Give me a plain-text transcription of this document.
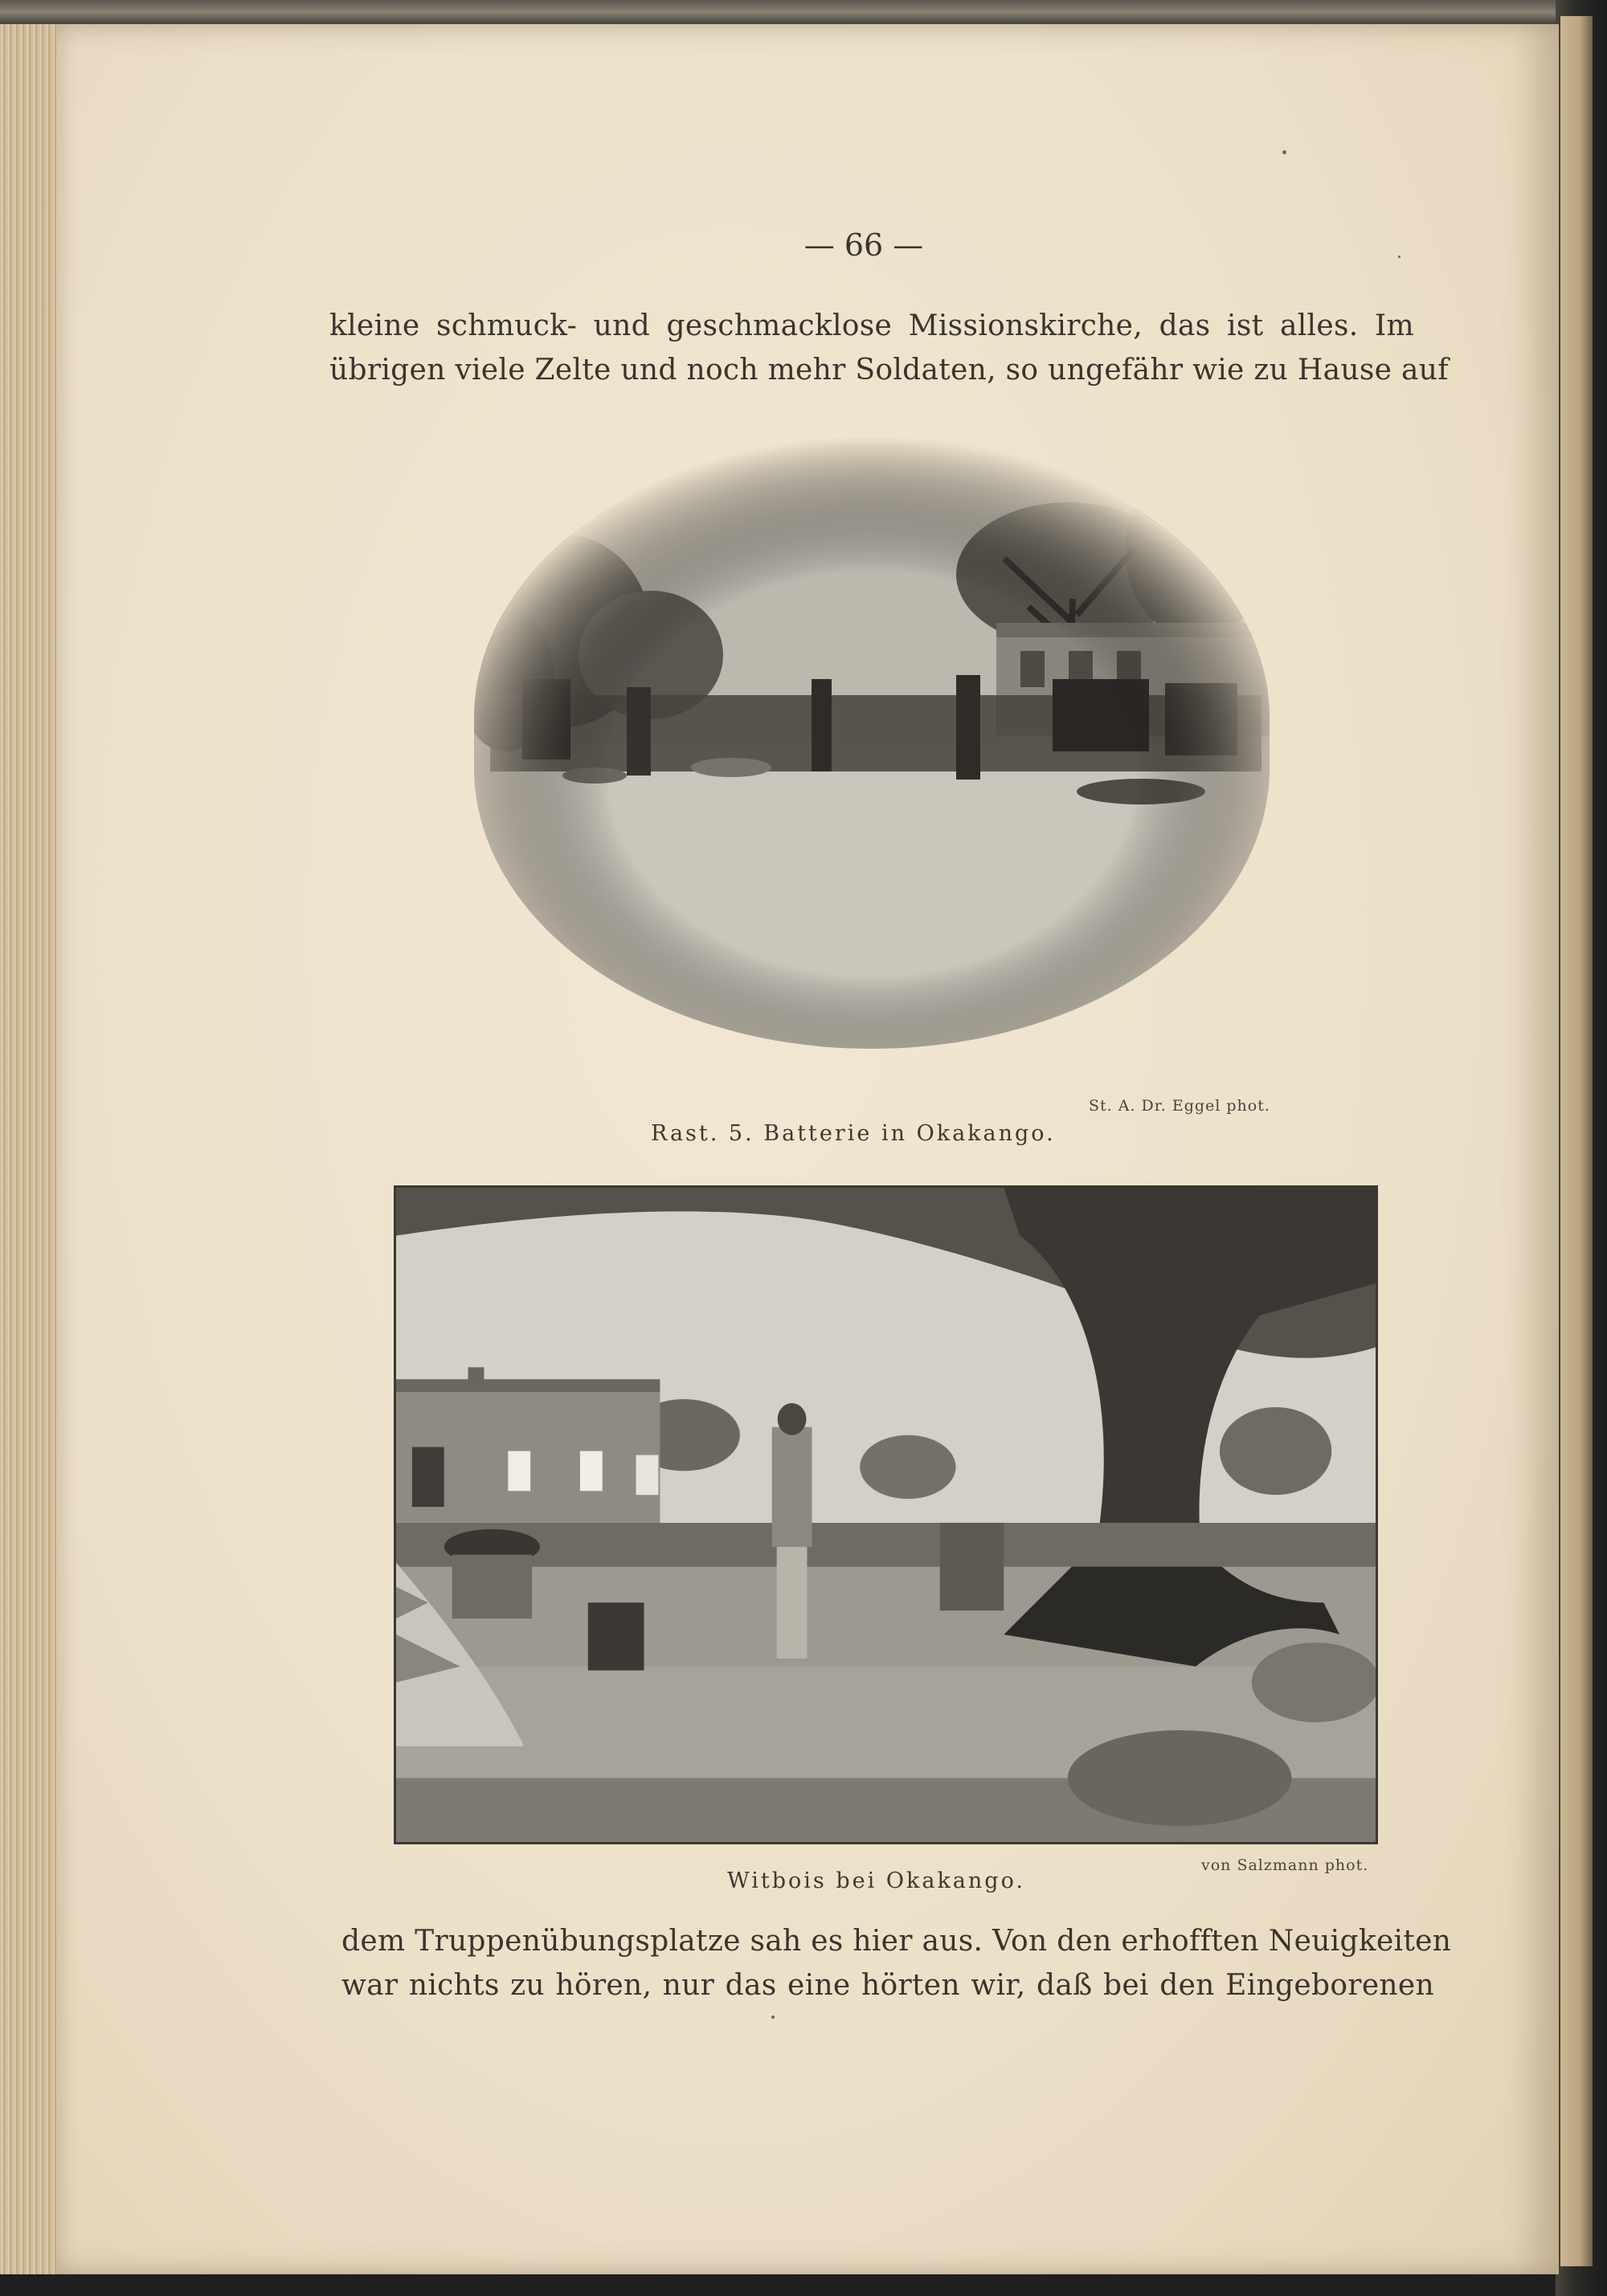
— 66 —
kleine schmuck- und geschmacklose Missionskirche, das ist alles. Im
übrigen viele Zelte und noch mehr Soldaten, so ungefähr wie zu Hause auf
St. A. Dr. Eggel phot.
Rast. 5. Batterie in Okakango.
von Salzmann phot.
Witbois bei Okakango.
dem Truppenübungsplatze sah es hier aus. Von den erhofften Neuigkeiten
war nichts zu hören, nur das eine hörten wir, daß bei den Eingeborenen
